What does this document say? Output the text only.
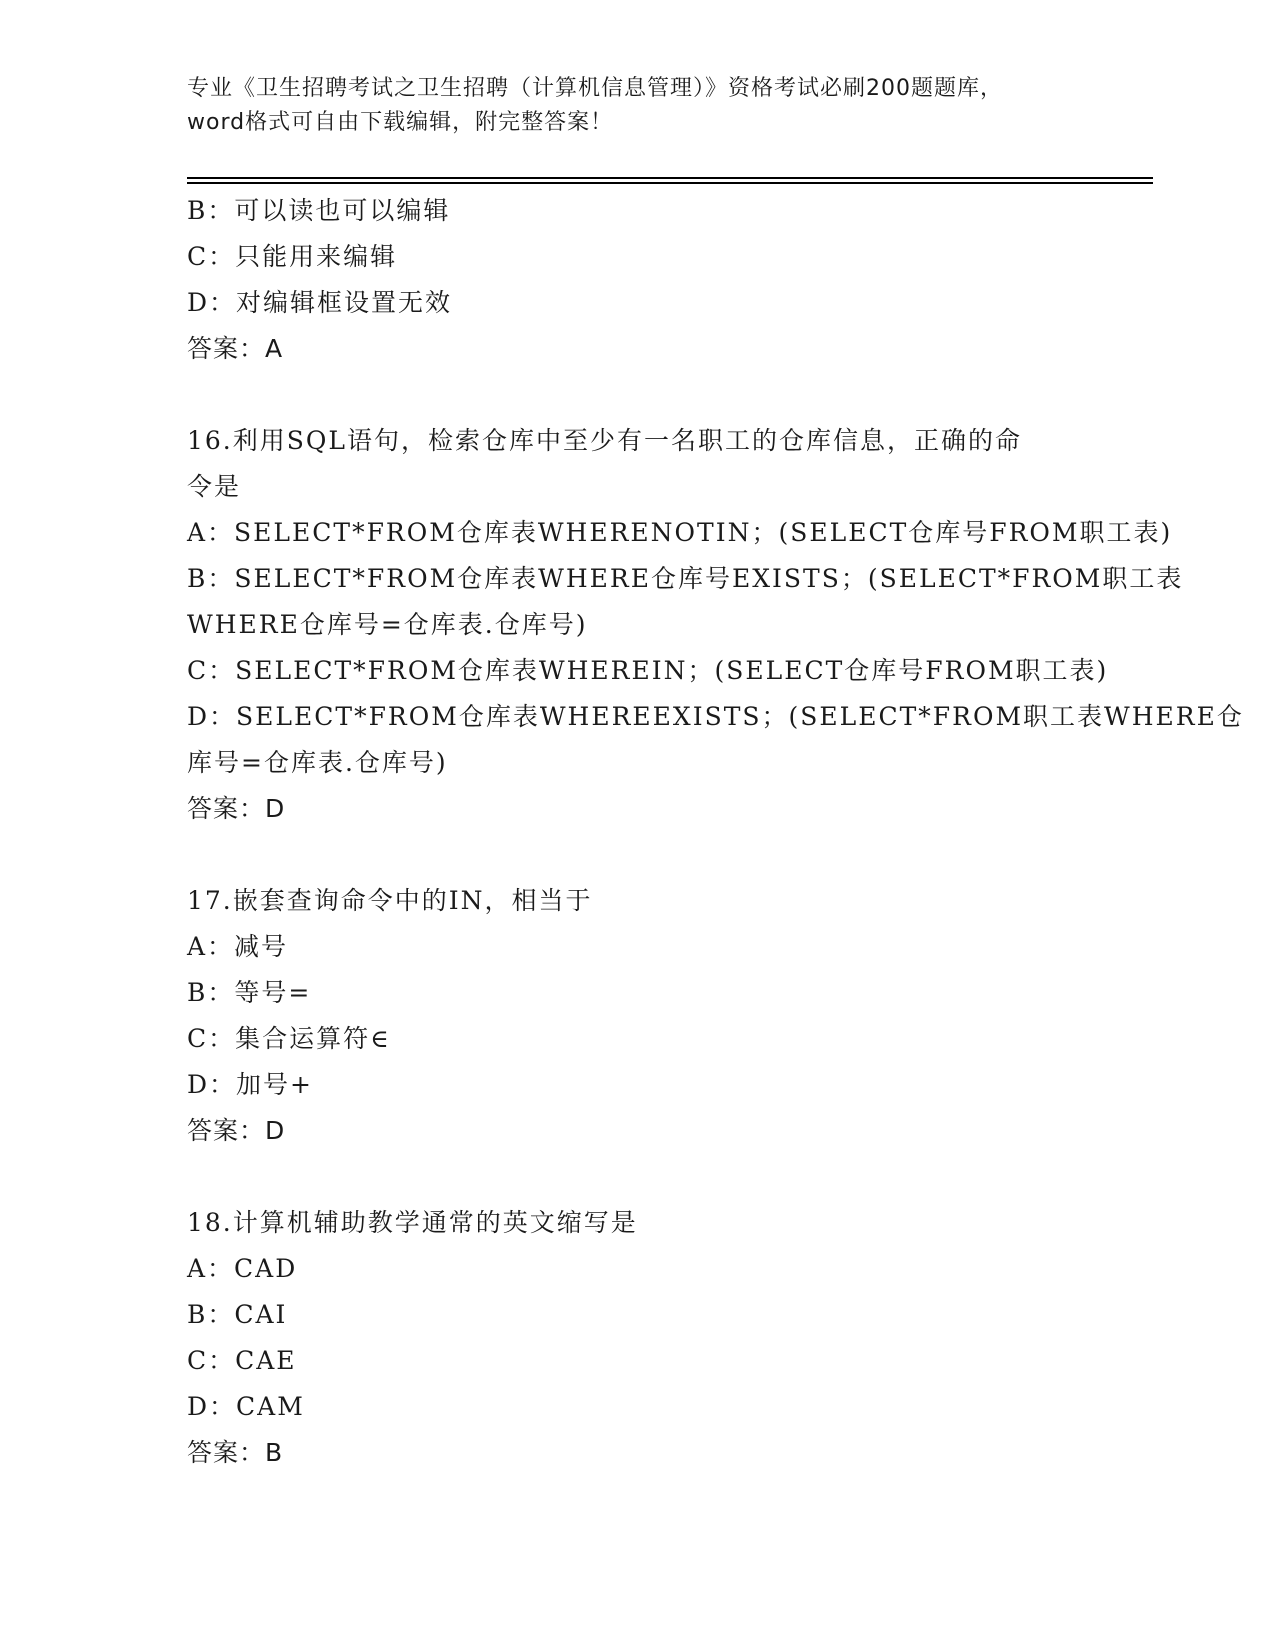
专业《卫生招聘考试之卫生招聘（计算机信息管理）》资格考试必刷200题题库，
word格式可自由下载编辑，附完整答案！
B：可以读也可以编辑
C：只能用来编辑
D：对编辑框设置无效
答案：A
16.利用SQL语句，检索仓库中至少有一名职工的仓库信息，正确的命
令是
A：SELECT*FROM仓库表WHERENOTIN；(SELECT仓库号FROM职工表)
B：SELECT*FROM仓库表WHERE仓库号EXISTS；(SELECT*FROM职工表
WHERE仓库号=仓库表.仓库号)
C：SELECT*FROM仓库表WHEREIN；(SELECT仓库号FROM职工表)
D：SELECT*FROM仓库表WHEREEXISTS；(SELECT*FROM职工表WHERE仓
库号=仓库表.仓库号)
答案：D
17.嵌套查询命令中的IN，相当于
A：减号
B：等号=
C：集合运算符∈
D：加号+
答案：D
18.计算机辅助教学通常的英文缩写是
A：CAD
B：CAI
C：CAE
D：CAM
答案：B
